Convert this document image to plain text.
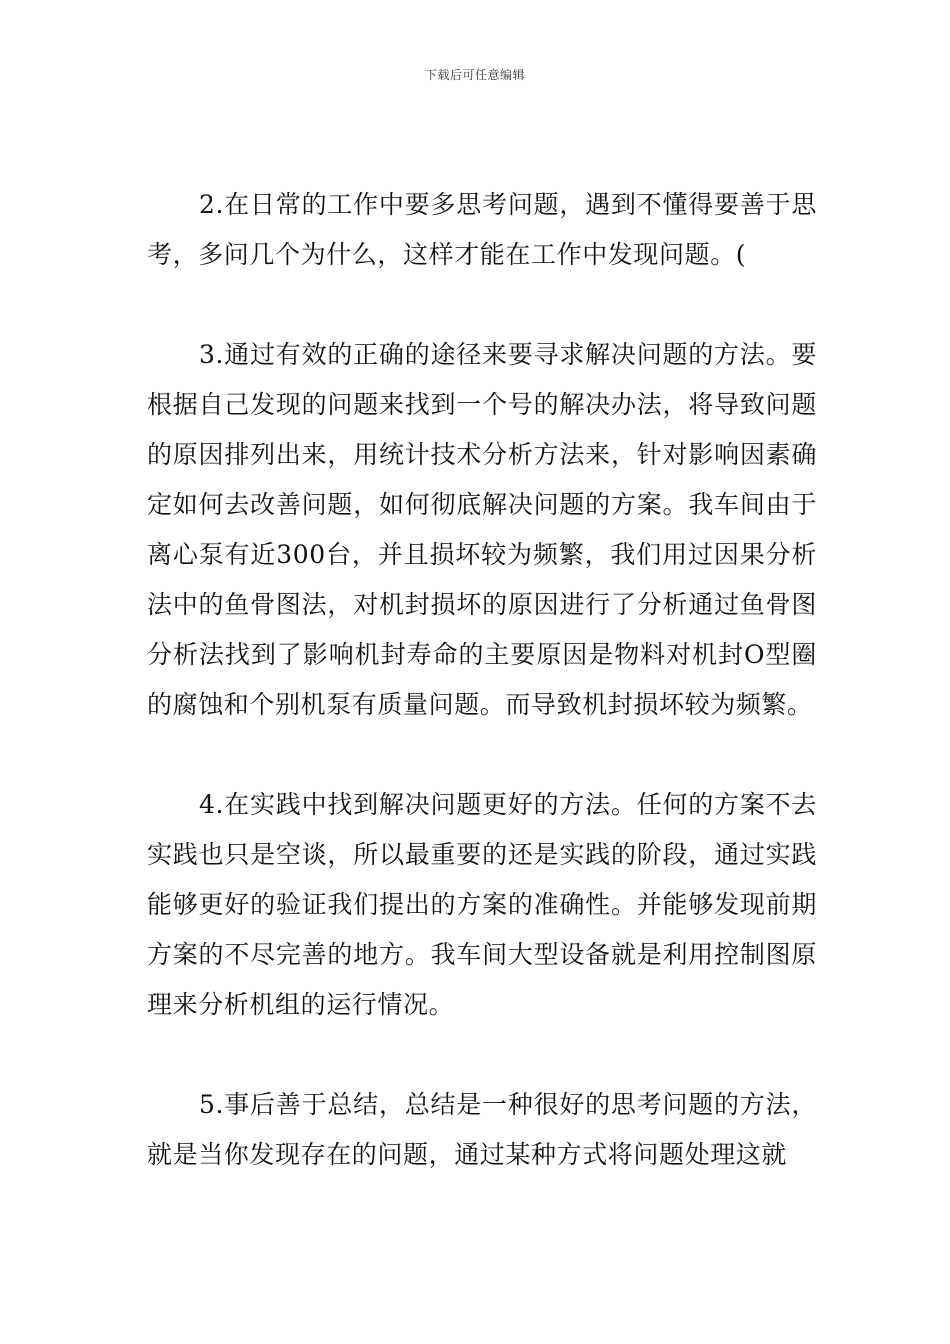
下载后可任意编辑

2.在日常的工作中要多思考问题，遇到不懂得要善于思考，多问几个为什么，这样才能在工作中发现问题。(

3.通过有效的正确的途径来要寻求解决问题的方法。要根据自己发现的问题来找到一个号的解决办法，将导致问题的原因排列出来，用统计技术分析方法来，针对影响因素确定如何去改善问题，如何彻底解决问题的方案。我车间由于离心泵有近300台，并且损坏较为频繁，我们用过因果分析法中的鱼骨图法，对机封损坏的原因进行了分析通过鱼骨图分析法找到了影响机封寿命的主要原因是物料对机封O型圈的腐蚀和个别机泵有质量问题。而导致机封损坏较为频繁。

4.在实践中找到解决问题更好的方法。任何的方案不去实践也只是空谈，所以最重要的还是实践的阶段，通过实践能够更好的验证我们提出的方案的准确性。并能够发现前期方案的不尽完善的地方。我车间大型设备就是利用控制图原理来分析机组的运行情况。

5.事后善于总结，总结是一种很好的思考问题的方法，就是当你发现存在的问题，通过某种方式将问题处理这就
